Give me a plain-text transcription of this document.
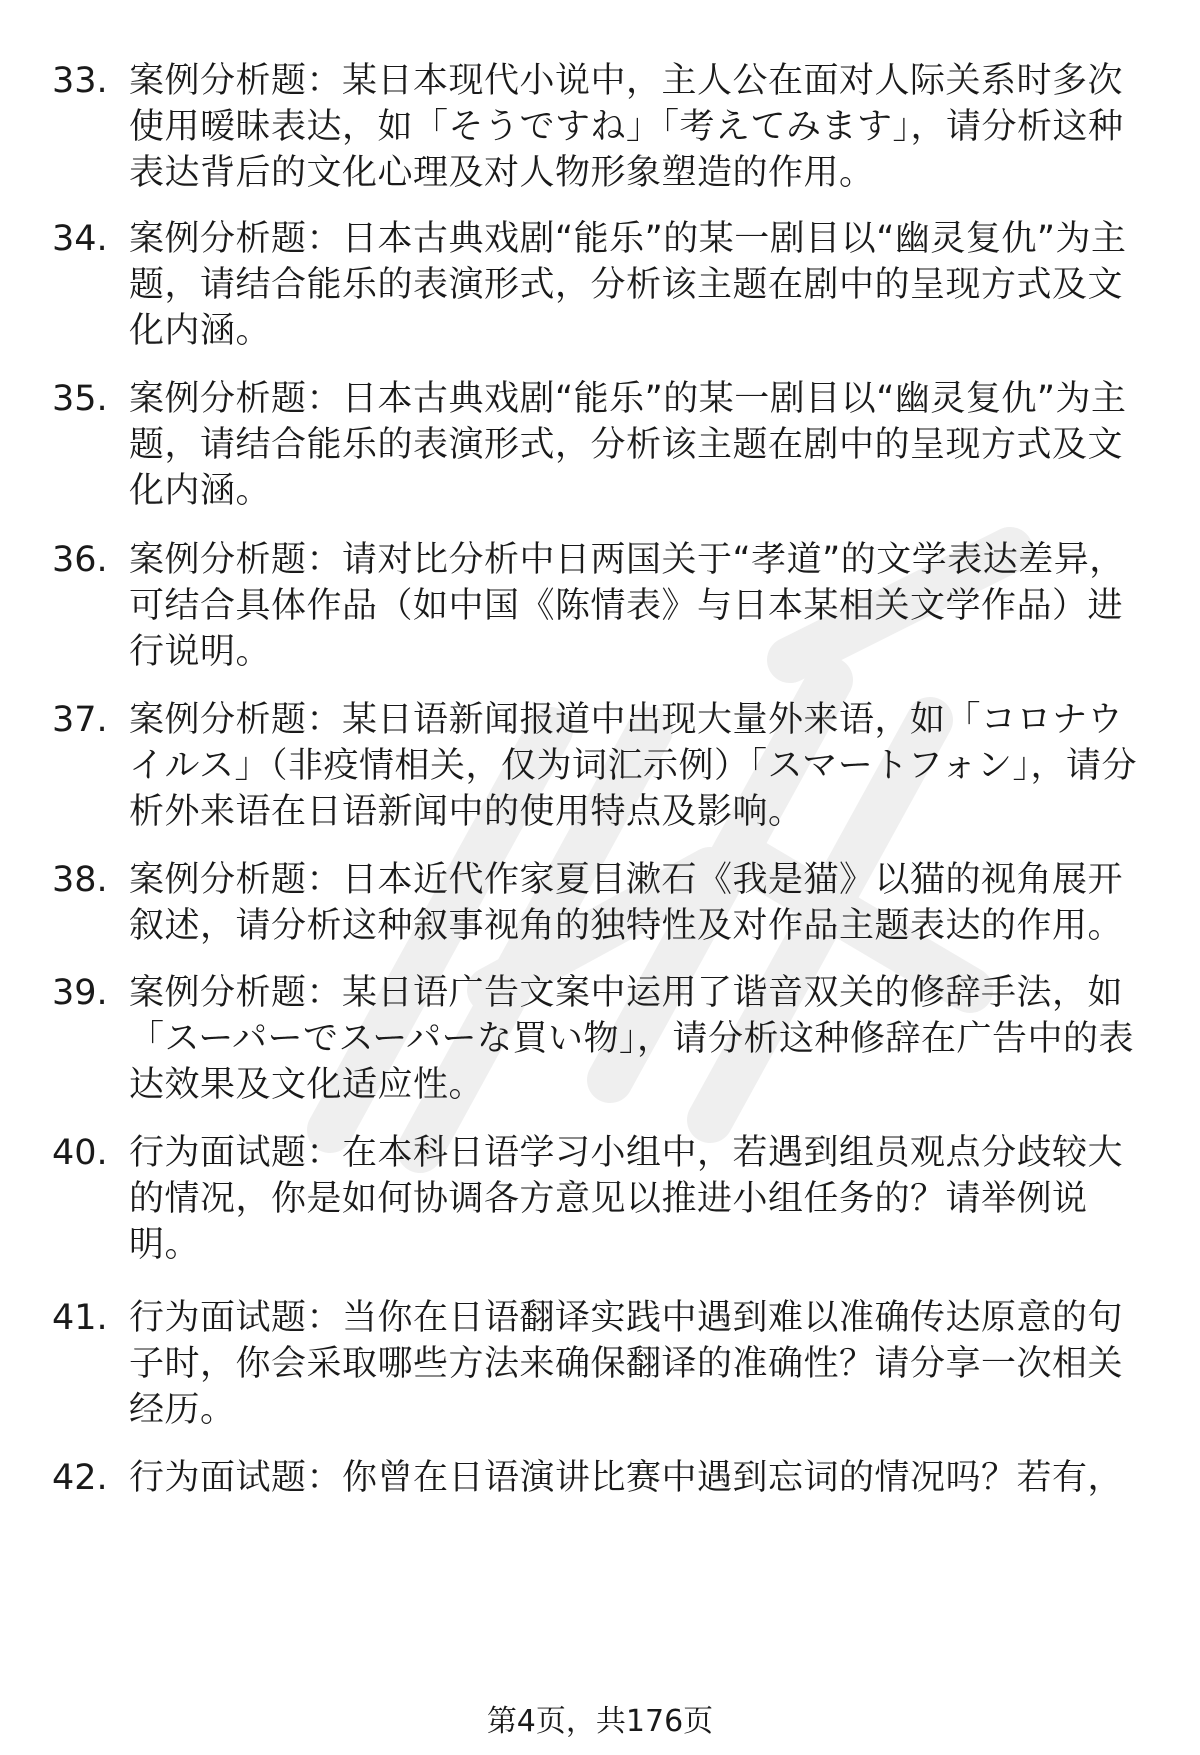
33. 案例分析题：某日本现代小说中，主人公在面对人际关系时多次使用暧昧表达，如「そうですね」「考えてみます」，请分析这种表达背后的文化心理及对人物形象塑造的作用。
34. 案例分析题：日本古典戏剧“能乐”的某一剧目以“幽灵复仇”为主题，请结合能乐的表演形式，分析该主题在剧中的呈现方式及文化内涵。
35. 案例分析题：日本古典戏剧“能乐”的某一剧目以“幽灵复仇”为主题，请结合能乐的表演形式，分析该主题在剧中的呈现方式及文化内涵。
36. 案例分析题：请对比分析中日两国关于“孝道”的文学表达差异，可结合具体作品（如中国《陈情表》与日本某相关文学作品）进行说明。
37. 案例分析题：某日语新闻报道中出现大量外来语，如「コロナウイルス」（非疫情相关，仅为词汇示例）「スマートフォン」，请分析外来语在日语新闻中的使用特点及影响。
38. 案例分析题：日本近代作家夏目漱石《我是猫》以猫的视角展开叙述，请分析这种叙事视角的独特性及对作品主题表达的作用。
39. 案例分析题：某日语广告文案中运用了谐音双关的修辞手法，如「スーパーでスーパーな買い物」，请分析这种修辞在广告中的表达效果及文化适应性。
40. 行为面试题：在本科日语学习小组中，若遇到组员观点分歧较大的情况，你是如何协调各方意见以推进小组任务的？请举例说明。
41. 行为面试题：当你在日语翻译实践中遇到难以准确传达原意的句子时，你会采取哪些方法来确保翻译的准确性？请分享一次相关经历。
42. 行为面试题：你曾在日语演讲比赛中遇到忘词的情况吗？若有，
第4页，共176页
